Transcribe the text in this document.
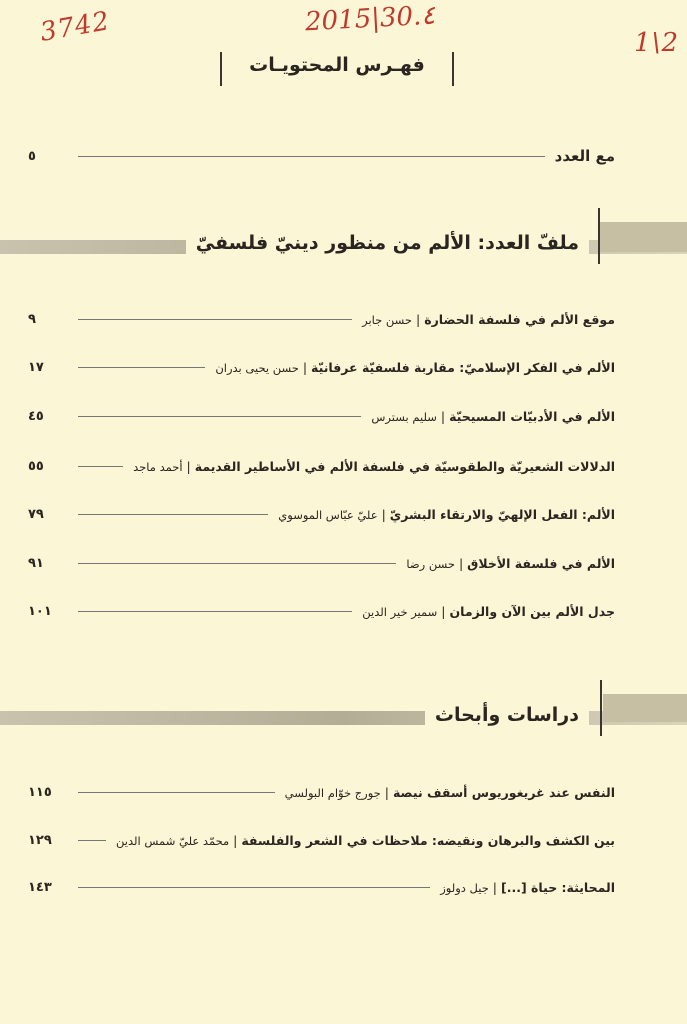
3742	2015|30.٤
1\2
فهـرس المحتويـات
٥	مع العدد
ملفّ العدد: الألم من منظور دينيّ فلسفيّ
٩	موقع الألم في فلسفة الحضارة | حسن جابر
١٧	الألم في الفكر الإسلاميّ: مقاربة فلسفيّة عرفانيّة | حسن يحيى بدران
٤٥	الألم في الأدبيّات المسيحيّة | سليم بسترس
٥٥	الدلالات الشعيريّة والطقوسيّة في فلسفة الألم في الأساطير القديمة | أحمد ماجد
٧٩	الألم: الفعل الإلهيّ والارتقاء البشريّ | عليّ عبّاس الموسوي
٩١	الألم في فلسفة الأخلاق | حسن رضا
١٠١	جدل الألم بين الآن والزمان | سمير خير الدين
دراسات وأبحاث
١١٥	النفس عند غريغوريوس أسقف نيصة | جورج خوّام البولسي
١٢٩	بين الكشف والبرهان ونقيضه: ملاحظات في الشعر والفلسفة | محمّد عليّ شمس الدين
١٤٣	المحايثة: حياة [...] | جيل دولوز
